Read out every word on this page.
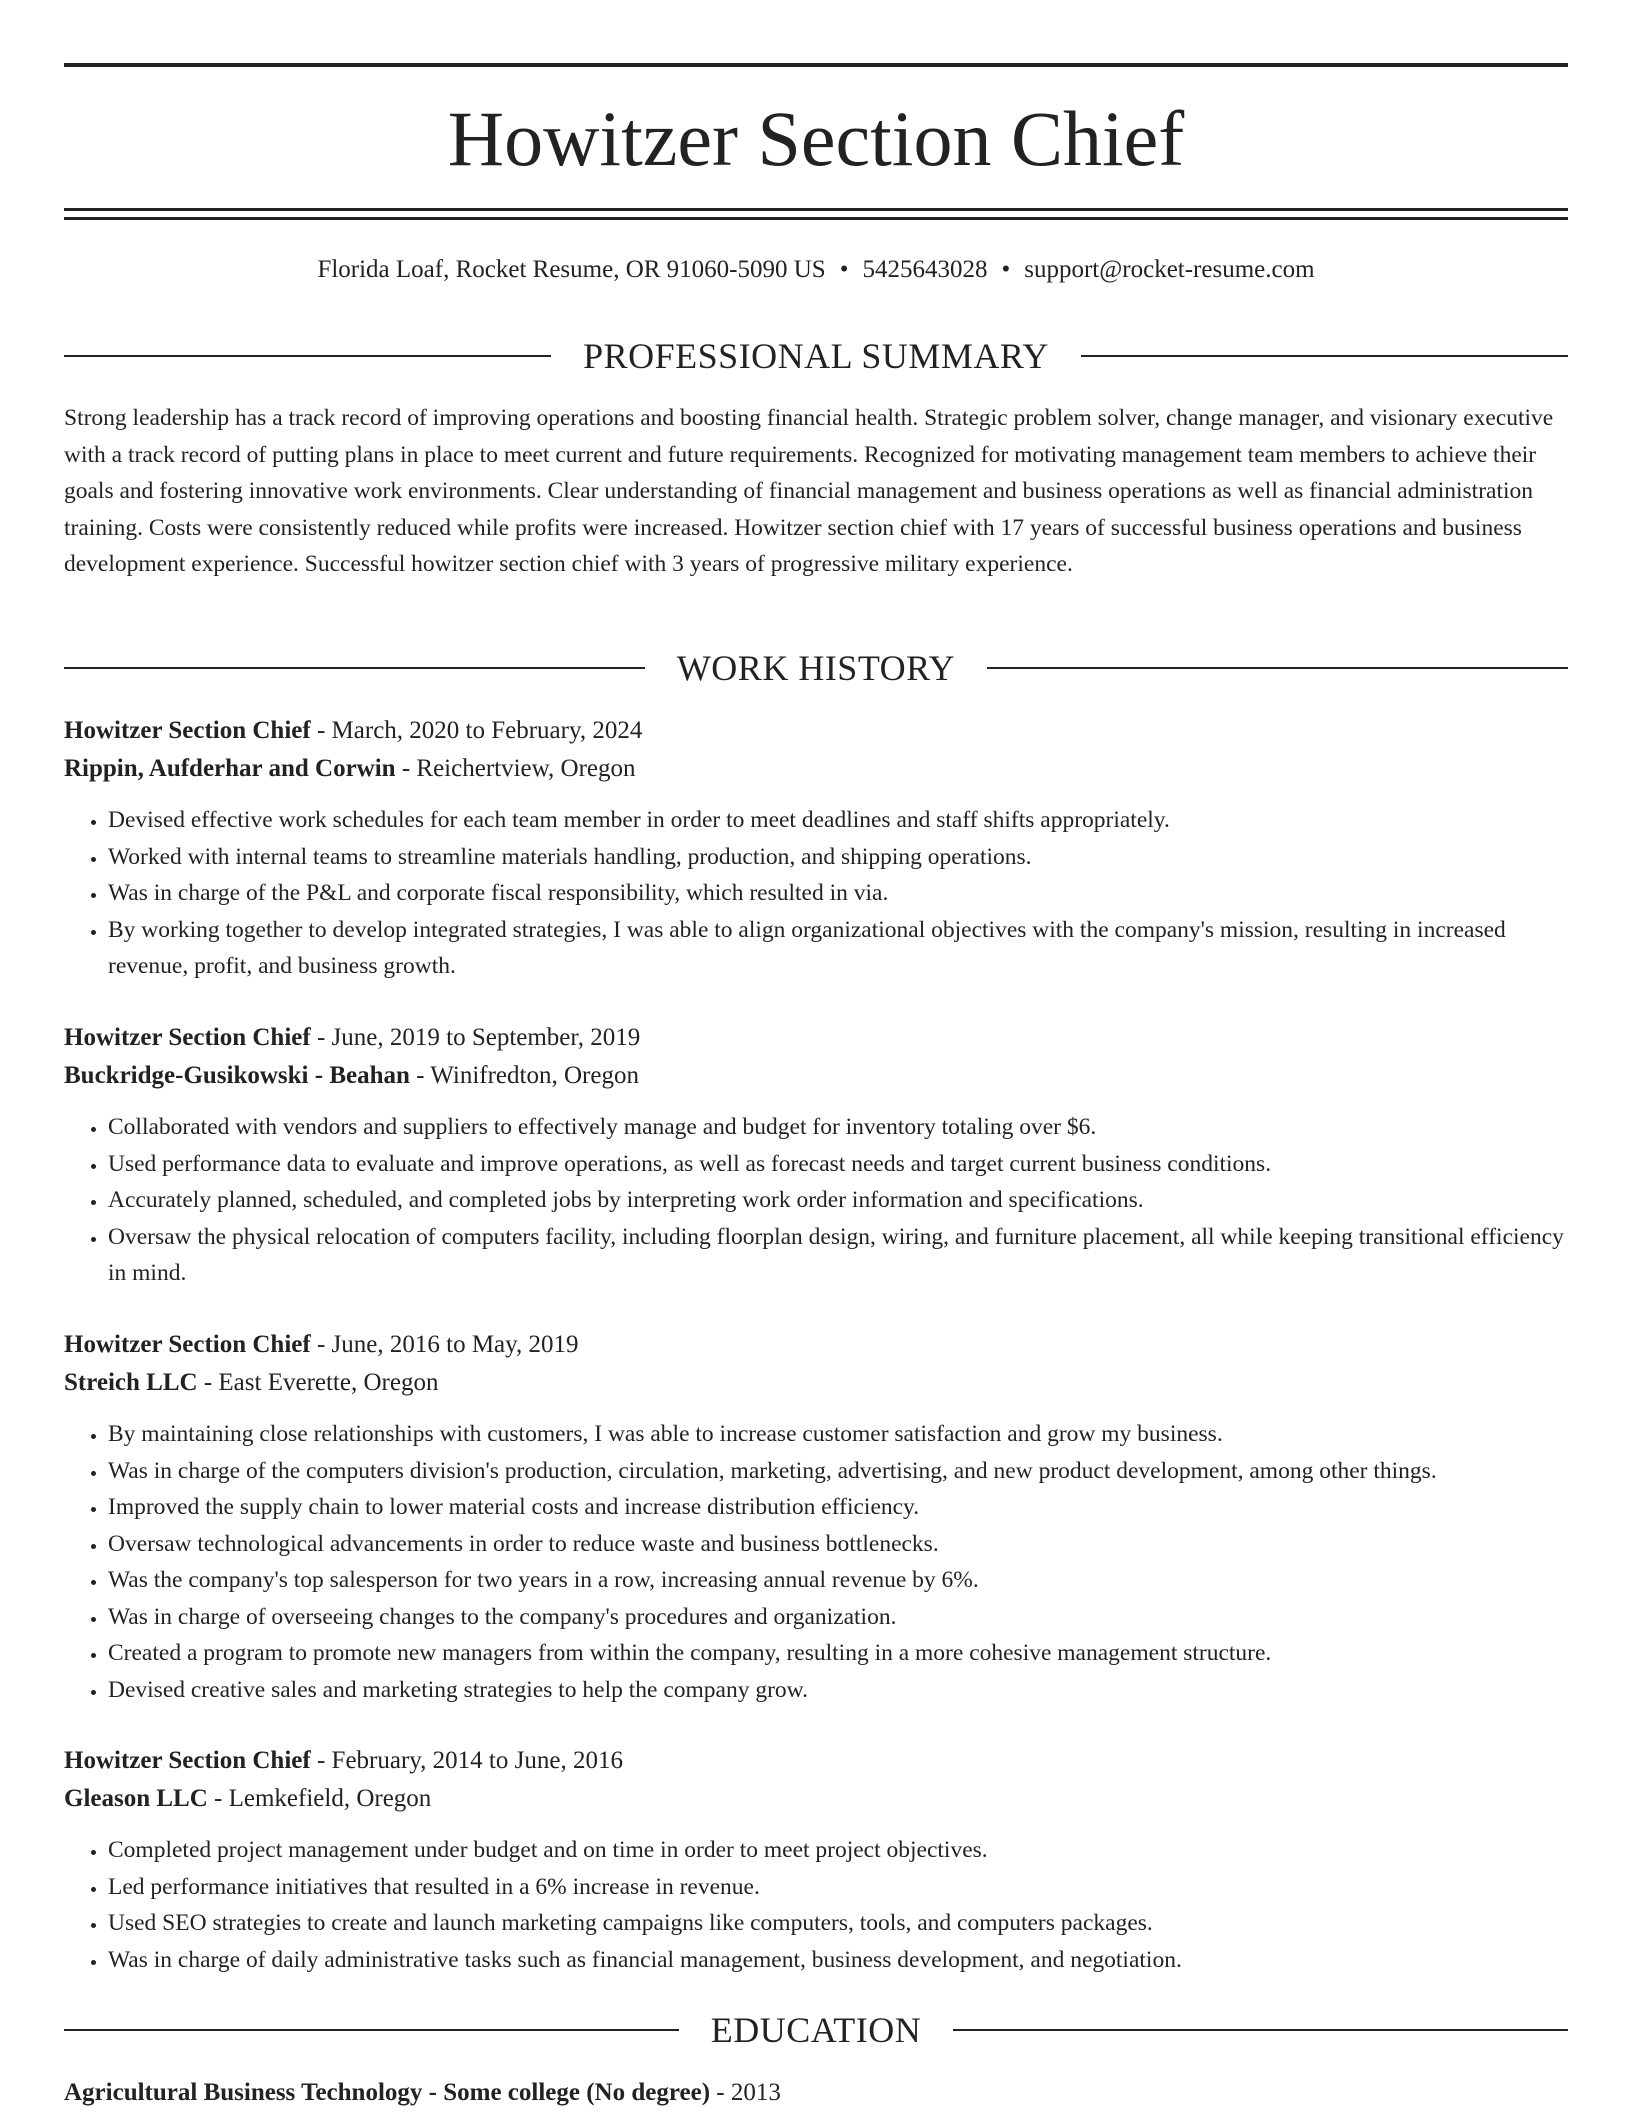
Howitzer Section Chief
Florida Loaf, Rocket Resume, OR 91060-5090 US • 5425643028 • support@rocket-resume.com
PROFESSIONAL SUMMARY

Strong leadership has a track record of improving operations and boosting financial health. Strategic problem solver, change manager, and visionary executive with a track record of putting plans in place to meet current and future requirements. Recognized for motivating management team members to achieve their goals and fostering innovative work environments. Clear understanding of financial management and business operations as well as financial administration training. Costs were consistently reduced while profits were increased. Howitzer section chief with 17 years of successful business operations and business development experience. Successful howitzer section chief with 3 years of progressive military experience.

WORK HISTORY
Howitzer Section Chief - March, 2020 to February, 2024
Rippin, Aufderhar and Corwin - Reichertview, Oregon
• Devised effective work schedules for each team member in order to meet deadlines and staff shifts appropriately.
• Worked with internal teams to streamline materials handling, production, and shipping operations.
• Was in charge of the P&L and corporate fiscal responsibility, which resulted in via.
• By working together to develop integrated strategies, I was able to align organizational objectives with the company's mission, resulting in increased revenue, profit, and business growth.
Howitzer Section Chief - June, 2019 to September, 2019
Buckridge-Gusikowski - Beahan - Winifredton, Oregon
• Collaborated with vendors and suppliers to effectively manage and budget for inventory totaling over $6.
• Used performance data to evaluate and improve operations, as well as forecast needs and target current business conditions.
• Accurately planned, scheduled, and completed jobs by interpreting work order information and specifications.
• Oversaw the physical relocation of computers facility, including floorplan design, wiring, and furniture placement, all while keeping transitional efficiency in mind.
Howitzer Section Chief - June, 2016 to May, 2019
Streich LLC - East Everette, Oregon
• By maintaining close relationships with customers, I was able to increase customer satisfaction and grow my business.
• Was in charge of the computers division's production, circulation, marketing, advertising, and new product development, among other things.
• Improved the supply chain to lower material costs and increase distribution efficiency.
• Oversaw technological advancements in order to reduce waste and business bottlenecks.
• Was the company's top salesperson for two years in a row, increasing annual revenue by 6%.
• Was in charge of overseeing changes to the company's procedures and organization.
• Created a program to promote new managers from within the company, resulting in a more cohesive management structure.
• Devised creative sales and marketing strategies to help the company grow.
Howitzer Section Chief - February, 2014 to June, 2016
Gleason LLC - Lemkefield, Oregon
• Completed project management under budget and on time in order to meet project objectives.
• Led performance initiatives that resulted in a 6% increase in revenue.
• Used SEO strategies to create and launch marketing campaigns like computers, tools, and computers packages.
• Was in charge of daily administrative tasks such as financial management, business development, and negotiation.
EDUCATION
Agricultural Business Technology - Some college (No degree) - 2013
